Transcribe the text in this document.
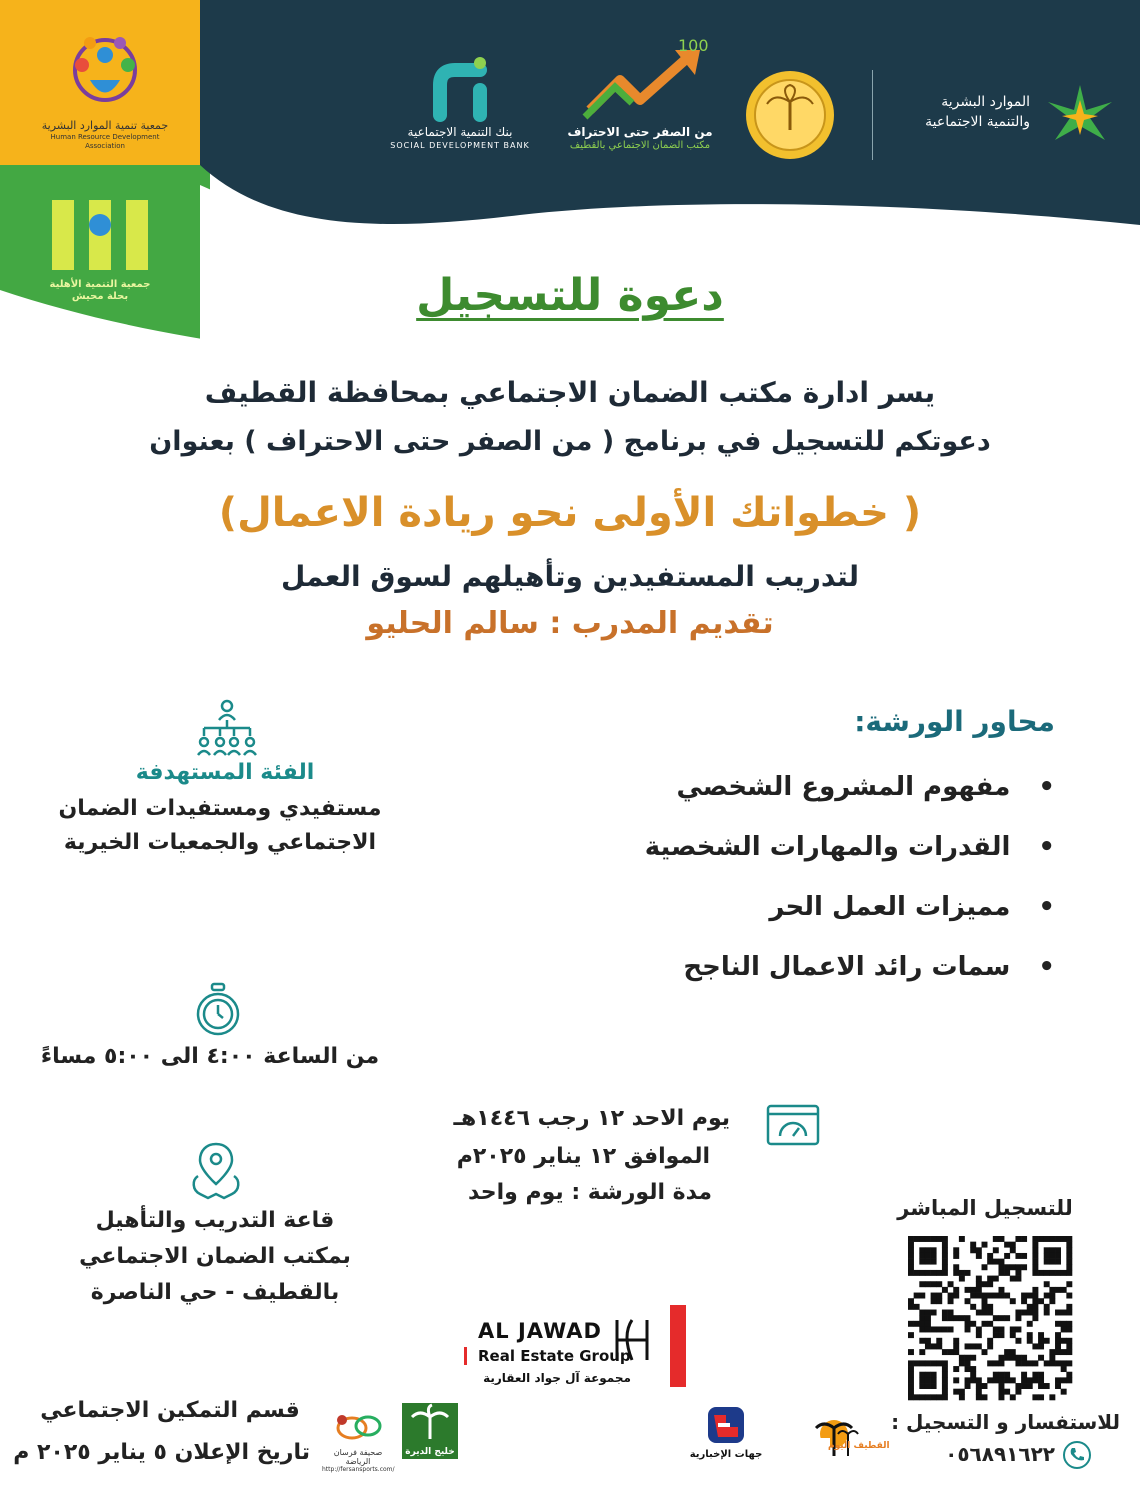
جمعية تنمية الموارد البشرية
Human Resource Development Association
جمعية التنمية الأهلية بحلة محيش
بنك التنمية الاجتماعية
SOCIAL DEVELOPMENT BANK
100
من الصفر حتى الاحتراف
مكتب الضمان الاجتماعي بالقطيف
الموارد البشرية
والتنمية الاجتماعية
دعوة للتسجيل
يسر ادارة مكتب الضمان الاجتماعي بمحافظة القطيف
دعوتكم للتسجيل في برنامج ( من الصفر حتى الاحتراف ) بعنوان
( خطواتك الأولى نحو ريادة الاعمال)
لتدريب المستفيدين وتأهيلهم لسوق العمل
تقديم المدرب : سالم الحليو
محاور الورشة:
• مفهوم المشروع الشخصي
• القدرات والمهارات الشخصية
• مميزات العمل الحر
• سمات رائد الاعمال الناجح
الفئة المستهدفة
مستفيدي ومستفيدات الضمان
الاجتماعي والجمعيات الخيرية
من الساعة ٤:٠٠ الى ٥:٠٠ مساءً
يوم الاحد ١٢ رجب ١٤٤٦هـ
الموافق ١٢ يناير ٢٠٢٥م
مدة الورشة : يوم واحد
قاعة التدريب والتأهيل
بمكتب الضمان الاجتماعي
بالقطيف - حي الناصرة
للتسجيل المباشر
للاستفسار و التسجيل :
٠٥٦٨٩١٦٢٢
AL JAWAD
Real Estate Group
مجموعة آل جواد العقارية
قسم التمكين الاجتماعي
تاريخ الإعلان ٥ يناير ٢٠٢٥ م	صحيفة فرسان الرياضة
http://fersansports.com/
خليج الديرة	جهات الإخبارية
القطيف اليوم
